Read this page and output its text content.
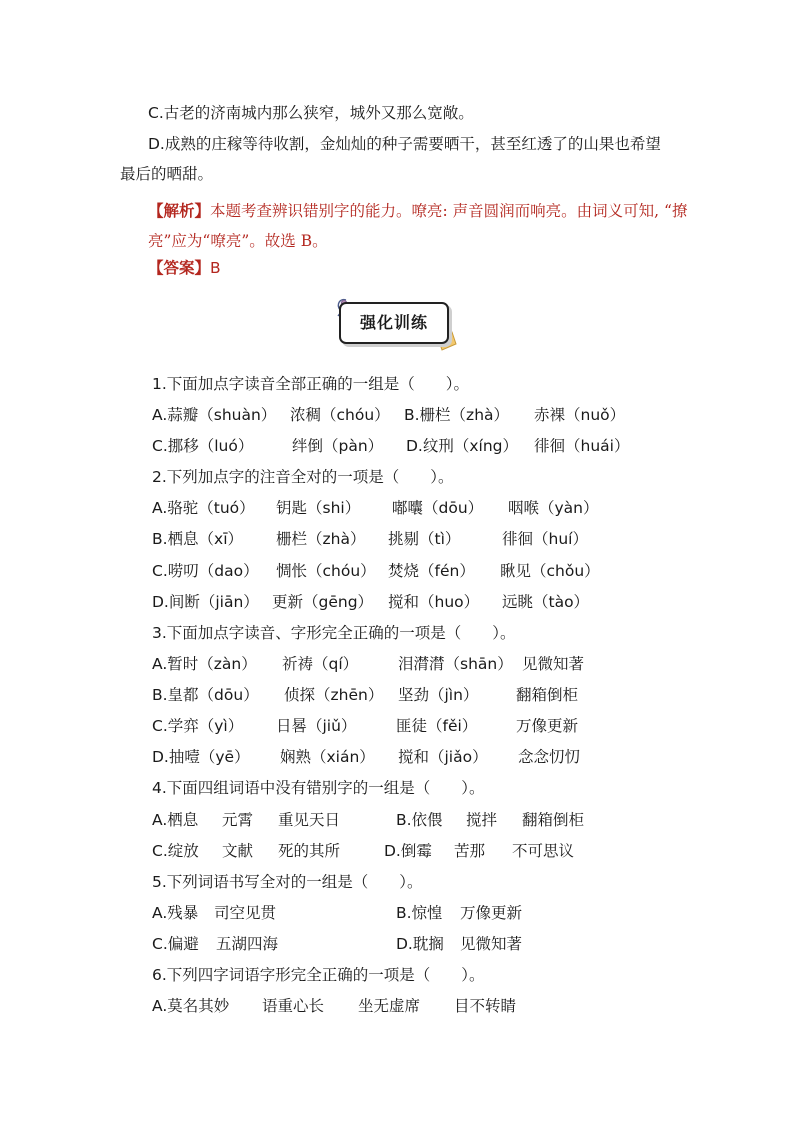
C.古老的济南城内那么狭窄，城外又那么宽敞。
D.成熟的庄稼等待收割，金灿灿的种子需要晒干，甚至红透了的山果也希望
最后的晒甜。
【解析】本题考查辨识错别字的能力。嘹亮: 声音圆润而响亮。由词义可知, “撩亮”应为“嘹亮”。故选 B。
【答案】B
强化训练
1.下面加点字读音全部正确的一组是（　　）。
A.蒜瓣（shuàn） 浓稠（chóu） B.栅栏（zhà） 赤裸（nuǒ）
C.挪移（luó） 绊倒（pàn） D.纹刑（xíng） 徘徊（huái）
2.下列加点字的注音全对的一项是（　　）。
A.骆驼（tuó） 钥匙（shi） 嘟囔（dōu） 咽喉（yàn）
B.栖息（xī） 栅栏（zhà） 挑剔（tì）	徘徊（huí）
C.唠叨（dao） 惆怅（chóu） 焚烧（fén） 瞅见（chǒu）
D.间断（jiān） 更新（gēng） 搅和（huo） 远眺（tào）
3.下面加点字读音、字形完全正确的一项是（　　）。
A.暂时（zàn） 祈祷（qí）	泪潸潸（shān） 见微知著
B.皇都（dōu） 侦探（zhēn） 坚劲（jìn） 翻箱倒柜
C.学弈（yì） 日晷（jiǔ）	匪徒（fěi） 万像更新
D.抽噎（yē） 娴熟（xián） 搅和（jiǎo） 念念忉忉
4.下面四组词语中没有错别字的一组是（　　）。
A.栖息 元霄 重见天日	B.依偎 搅拌 翻箱倒柜
C.绽放 文献 死的其所	D.倒霉 苦那 不可思议
5.下列词语书写全对的一组是（　　）。
A.残暴 司空见贯	B.惊惶 万像更新
C.偏避 五湖四海	D.耽搁 见微知著
6.下列四字词语字形完全正确的一项是（　　）。
A.莫名其妙 语重心长 坐无虚席 目不转睛
